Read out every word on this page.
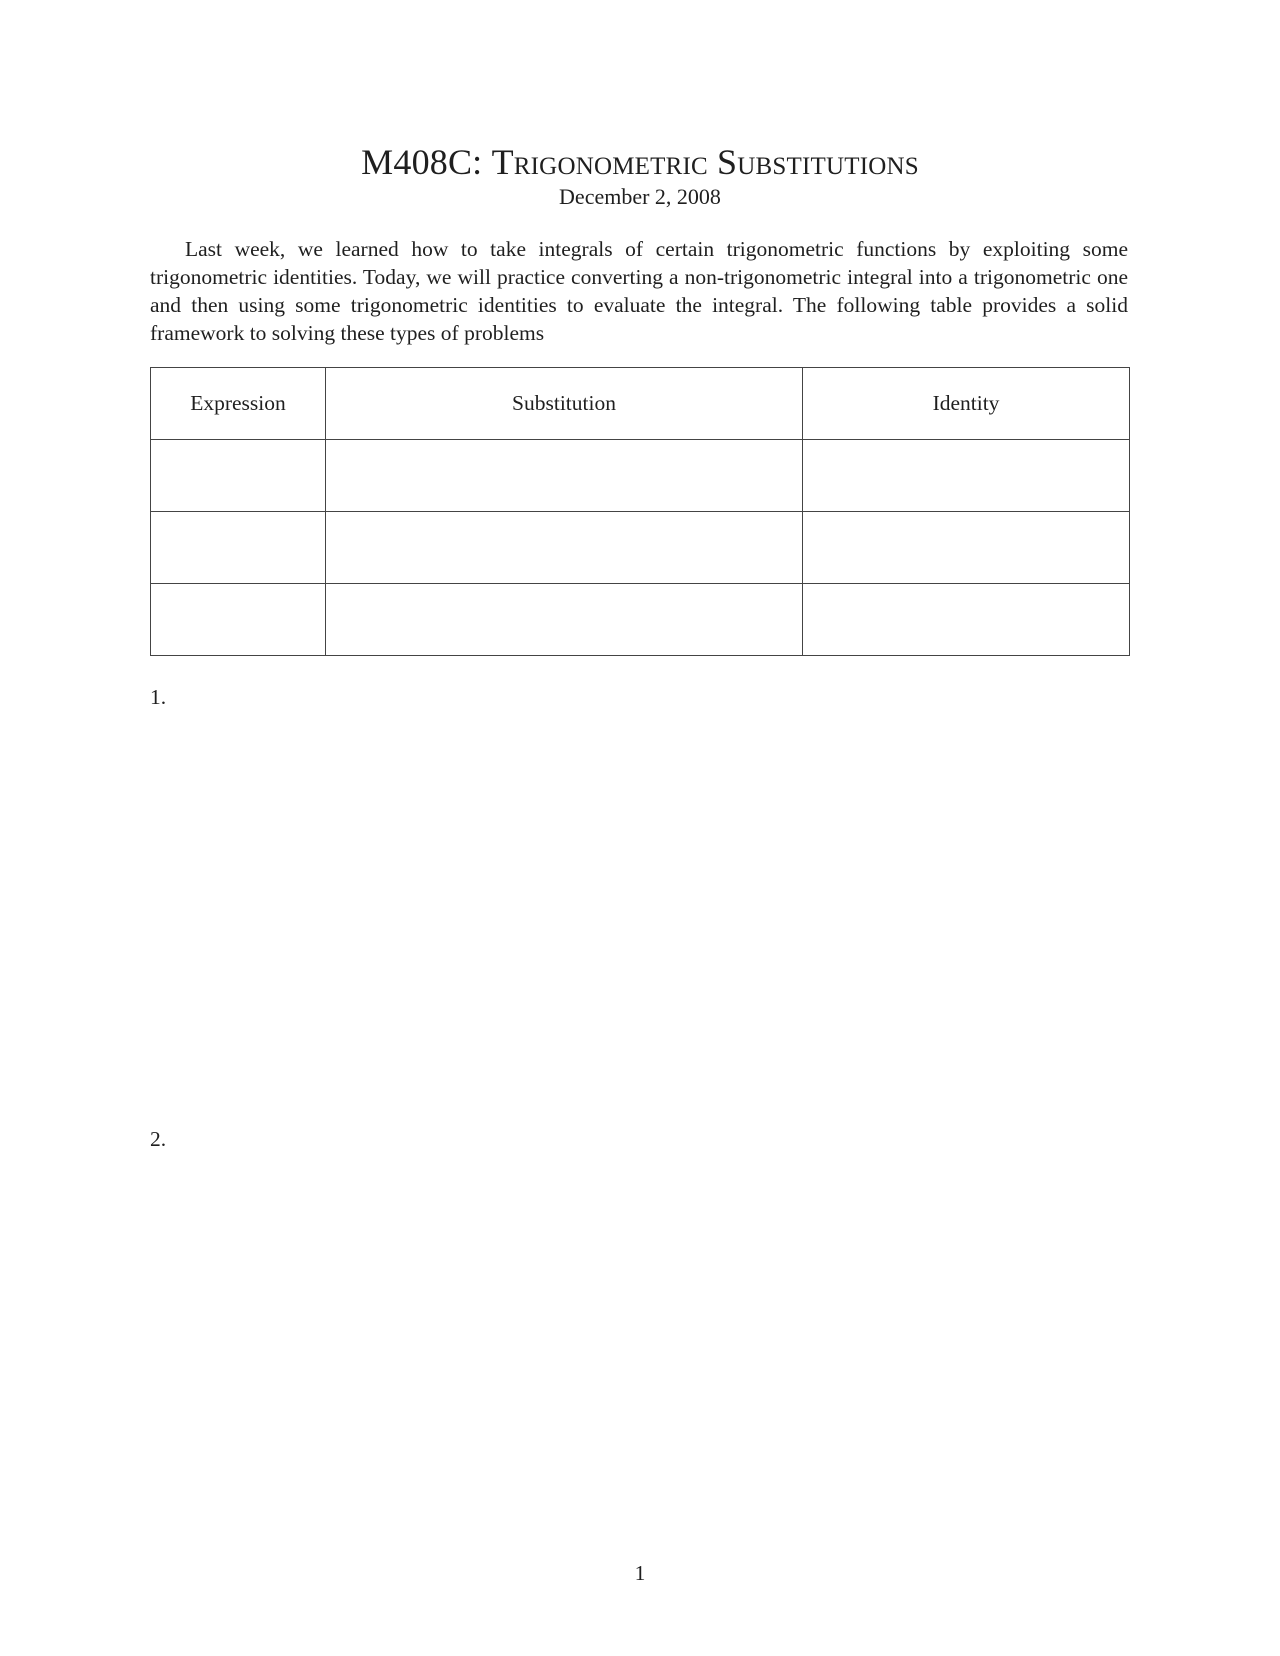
M408C: Trigonometric Substitutions
December 2, 2008

Last week, we learned how to take integrals of certain trigonometric functions by exploiting some trigonometric identities. Today, we will practice converting a non-trigonometric integral into a trigonometric one and then using some trigonometric identities to evaluate the integral. The following table provides a solid framework to solving these types of problems

Expression	Substitution	Identity

1.
2.
1
